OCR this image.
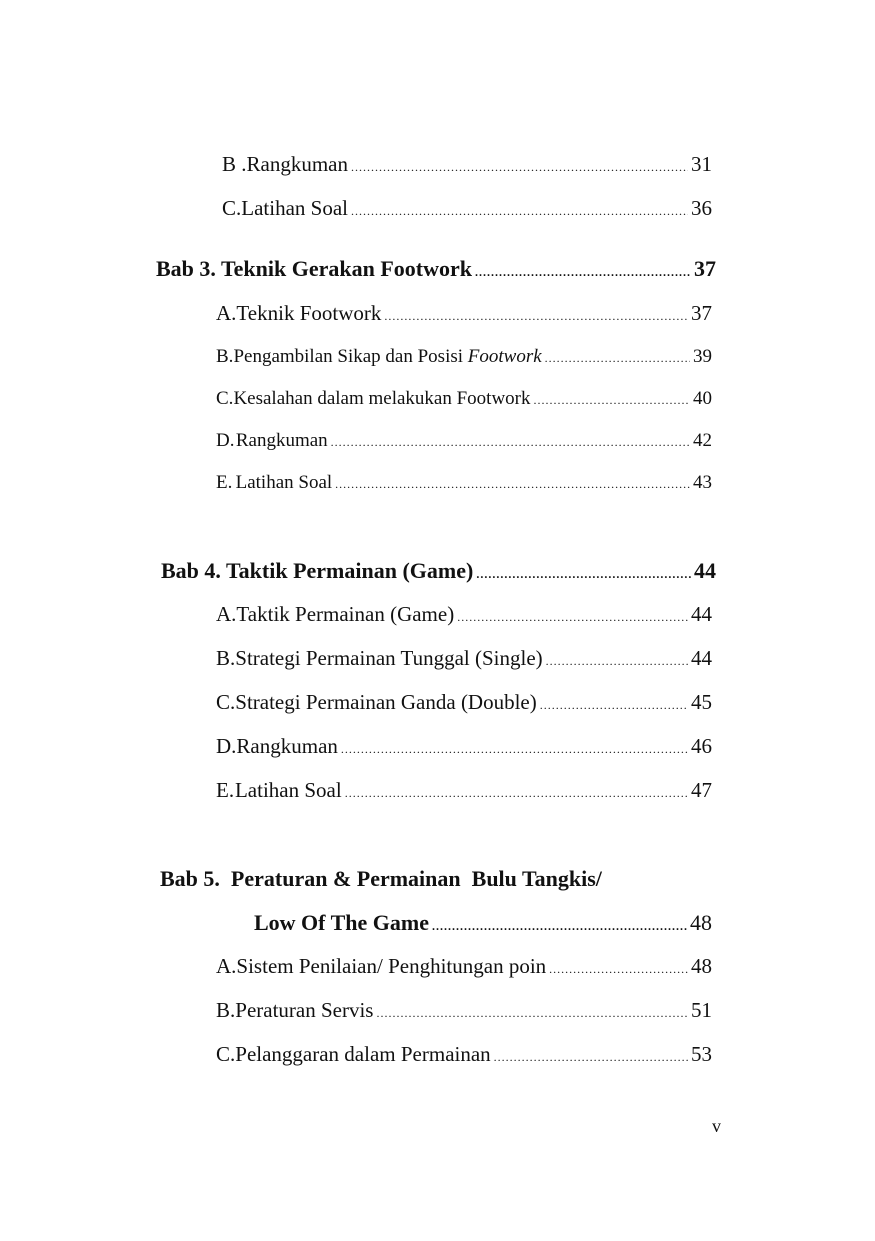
B . Rangkuman .....	31
C. Latihan Soal .....	36
Bab 3. Teknik Gerakan Footwork .....	37
A. Teknik Footwork .....	37
B. Pengambilan Sikap dan Posisi Footwork .....	39
C. Kesalahan dalam melakukan Footwork .....	40
D. Rangkuman .....	42
E. Latihan Soal .....	43
Bab 4. Taktik Permainan (Game) .....	44
A. Taktik Permainan (Game) .....	44
B. Strategi Permainan Tunggal (Single) .....	44
C. Strategi Permainan Ganda (Double) .....	45
D. Rangkuman .....	46
E. Latihan Soal .....	47
Bab 5.  Peraturan & Permainan  Bulu Tangkis/
Low Of The Game .....	48
A. Sistem Penilaian/ Penghitungan poin .....	48
B. Peraturan Servis .....	51
C. Pelanggaran dalam Permainan .....	53
v
